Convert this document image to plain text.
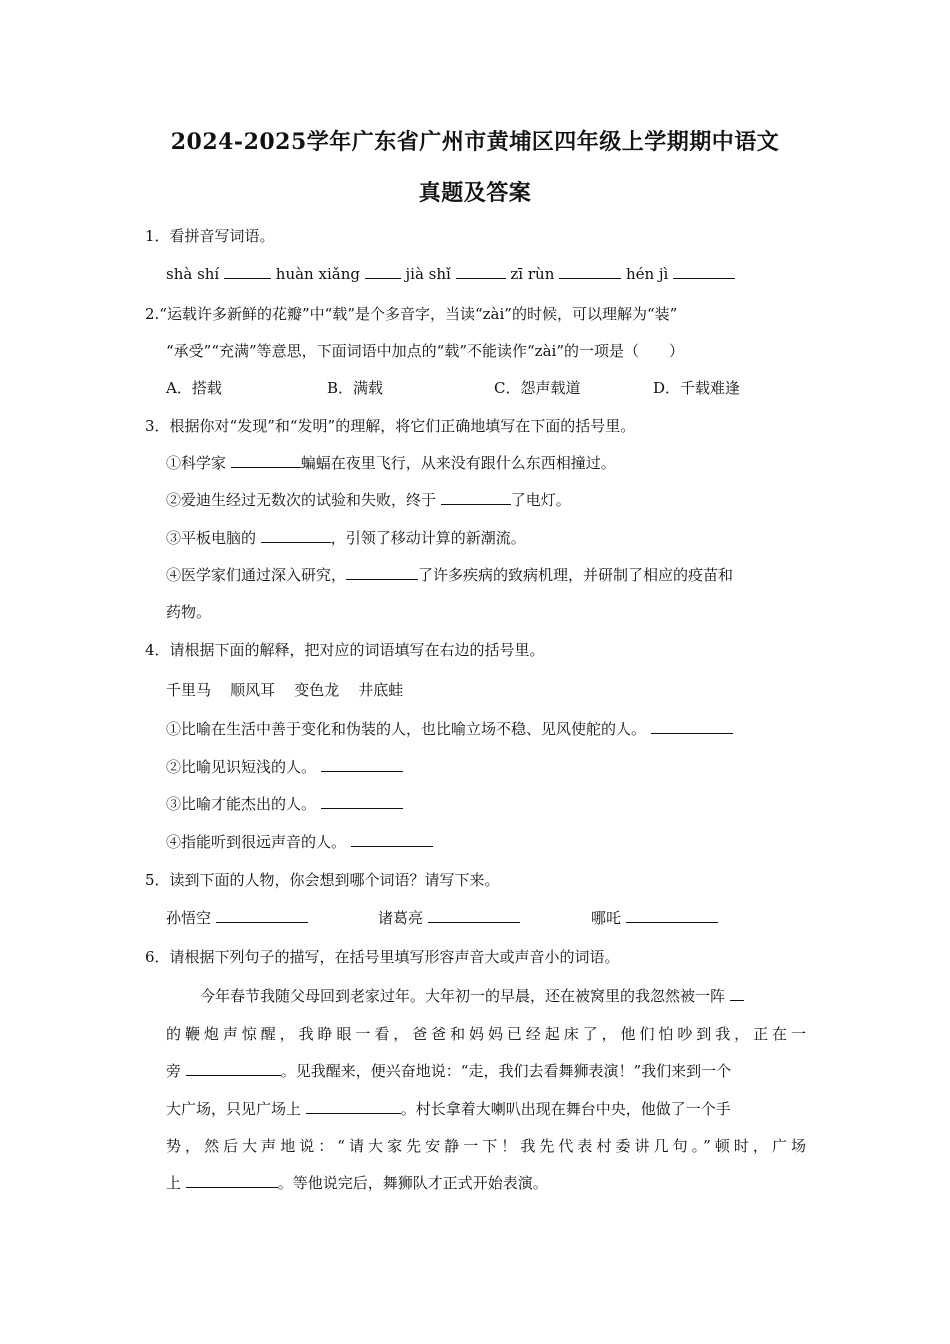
2024-2025学年广东省广州市黄埔区四年级上学期期中语文
真题及答案
1．看拼音写词语。
shà shí	huàn xiǎng	jià shǐ	zī rùn	hén jì
2.“运载许多新鲜的花瓣”中“载”是个多音字，当读“zài”的时候，可以理解为“装”
“承受”“充满”等意思，下面词语中加点的“载”不能读作“zài”的一项是（ ）
A．搭载	B．满载	C．怨声载道	D．千载难逢
3．根据你对“发现”和“发明”的理解，将它们正确地填写在下面的括号里。
①科学家	蝙蝠在夜里飞行，从来没有跟什么东西相撞过。
②爱迪生经过无数次的试验和失败，终于	了电灯。
③平板电脑的	，引领了移动计算的新潮流。
④医学家们通过深入研究，	了许多疾病的致病机理，并研制了相应的疫苗和
药物。
4．请根据下面的解释，把对应的词语填写在右边的括号里。
千里马 顺风耳 变色龙 井底蛙
①比喻在生活中善于变化和伪装的人，也比喻立场不稳、见风使舵的人。
②比喻见识短浅的人。
③比喻才能杰出的人。
④指能听到很远声音的人。
5．读到下面的人物，你会想到哪个词语？请写下来。
孙悟空	诸葛亮	哪吒
6．请根据下列句子的描写，在括号里填写形容声音大或声音小的词语。
今年春节我随父母回到老家过年。大年初一的早晨，还在被窝里的我忽然被一阵
的鞭炮声惊醒，我睁眼一看，爸爸和妈妈已经起床了，他们怕吵到我，正在一
旁	。见我醒来，便兴奋地说：“走，我们去看舞狮表演！”我们来到一个
大广场，只见广场上	。村长拿着大喇叭出现在舞台中央，他做了一个手
势，然后大声地说：“请大家先安静一下！我先代表村委讲几句。”顿时，广场
上	。等他说完后，舞狮队才正式开始表演。
